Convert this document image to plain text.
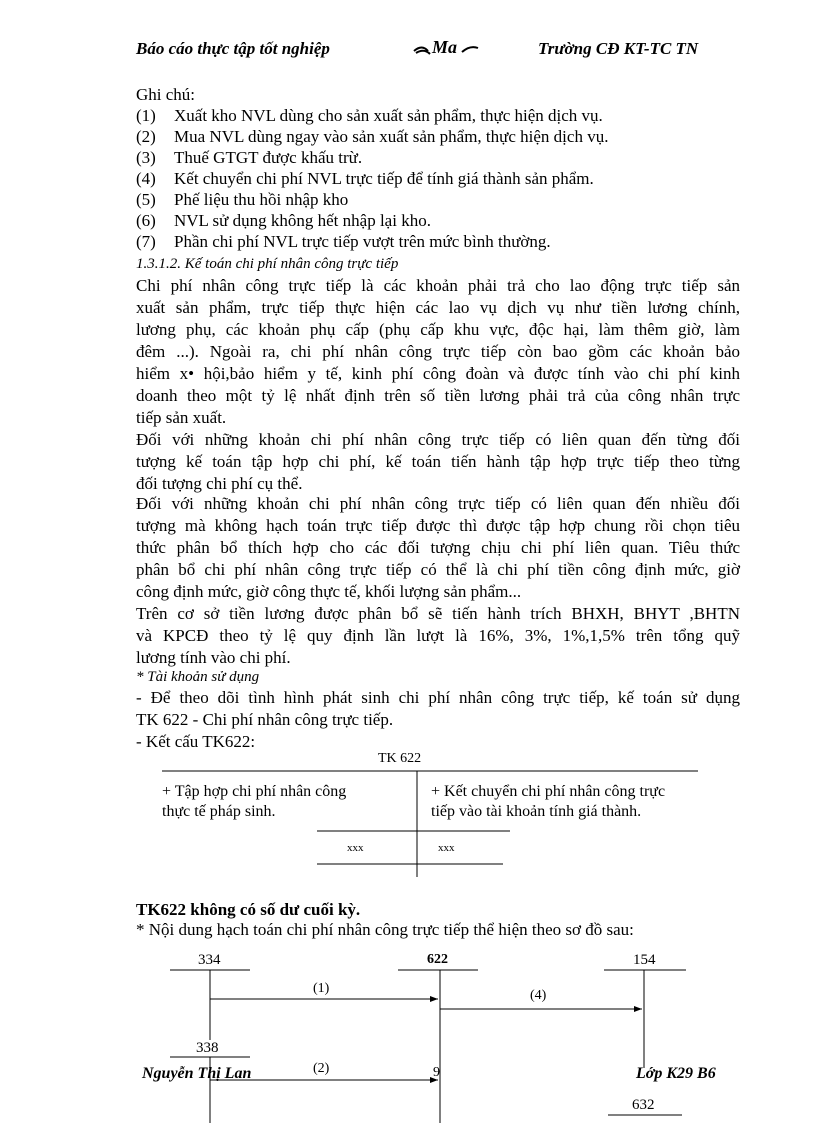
Báo cáo thực tập tốt nghiệp	Ma	Trường CĐ KT-TC TN
Ghi chú:
(1) Xuất kho NVL dùng cho sản xuất sản phẩm, thực hiện dịch vụ.
(2) Mua NVL dùng ngay vào sản xuất sản phẩm, thực hiện dịch vụ.
(3) Thuế GTGT được khấu trừ.
(4) Kết chuyển chi phí NVL trực tiếp để tính giá thành sản phẩm.
(5) Phế liệu thu hồi nhập kho
(6) NVL sử dụng không hết nhập lại kho.
(7) Phần chi phí NVL trực tiếp vượt trên mức bình thường.
1.3.1.2. Kế toán chi phí nhân công trực tiếp
Chi phí nhân công trực tiếp là các khoản phải trả cho lao động trực tiếp sản
xuất sản phẩm, trực tiếp thực hiện các lao vụ dịch vụ như tiền lương chính,
lương phụ, các khoản phụ cấp (phụ cấp khu vực, độc hại, làm thêm giờ, làm
đêm ...). Ngoài ra, chi phí nhân công trực tiếp còn bao gồm các khoản bảo
hiểm x• hội,bảo hiểm y tế, kinh phí công đoàn và được tính vào chi phí kinh
doanh theo một tỷ lệ nhất định trên số tiền lương phải trả của công nhân trực
tiếp sản xuất.
Đối với những khoản chi phí nhân công trực tiếp có liên quan đến từng đối
tượng kế toán tập hợp chi phí, kế toán tiến hành tập hợp trực tiếp theo từng
đối tượng chi phí cụ thể.
Đối với những khoản chi phí nhân công trực tiếp có liên quan đến nhiều đối
tượng mà không hạch toán trực tiếp được thì được tập hợp chung rồi chọn tiêu
thức phân bổ thích hợp cho các đối tượng chịu chi phí liên quan. Tiêu thức
phân bổ chi phí nhân công trực tiếp có thể là chi phí tiền công định mức, giờ
công định mức, giờ công thực tế, khối lượng sản phẩm...
Trên cơ sở tiền lương được phân bổ sẽ tiến hành trích BHXH, BHYT ,BHTN
và KPCĐ theo tỷ lệ quy định lần lượt là 16%, 3%, 1%,1,5% trên tổng quỹ
lương tính vào chi phí.
* Tài khoản sử dụng
- Để theo dõi tình hình phát sinh chi phí nhân công trực tiếp, kế toán sử dụng
TK 622 - Chi phí nhân công trực tiếp.
- Kết cấu TK622:
TK 622
+ Tập hợp chi phí nhân công
thực tế pháp sinh.
+ Kết chuyển chi phí nhân công trực
tiếp vào tài khoản tính giá thành.
xxx	xxx
TK622 không có số dư cuối kỳ.
* Nội dung hạch toán chi phí nhân công trực tiếp thể hiện theo sơ đồ sau:
334	622	154
338
632
(1)	(4)
(2)	9
Nguyễn Thị Lan	Lớp K29 B6
